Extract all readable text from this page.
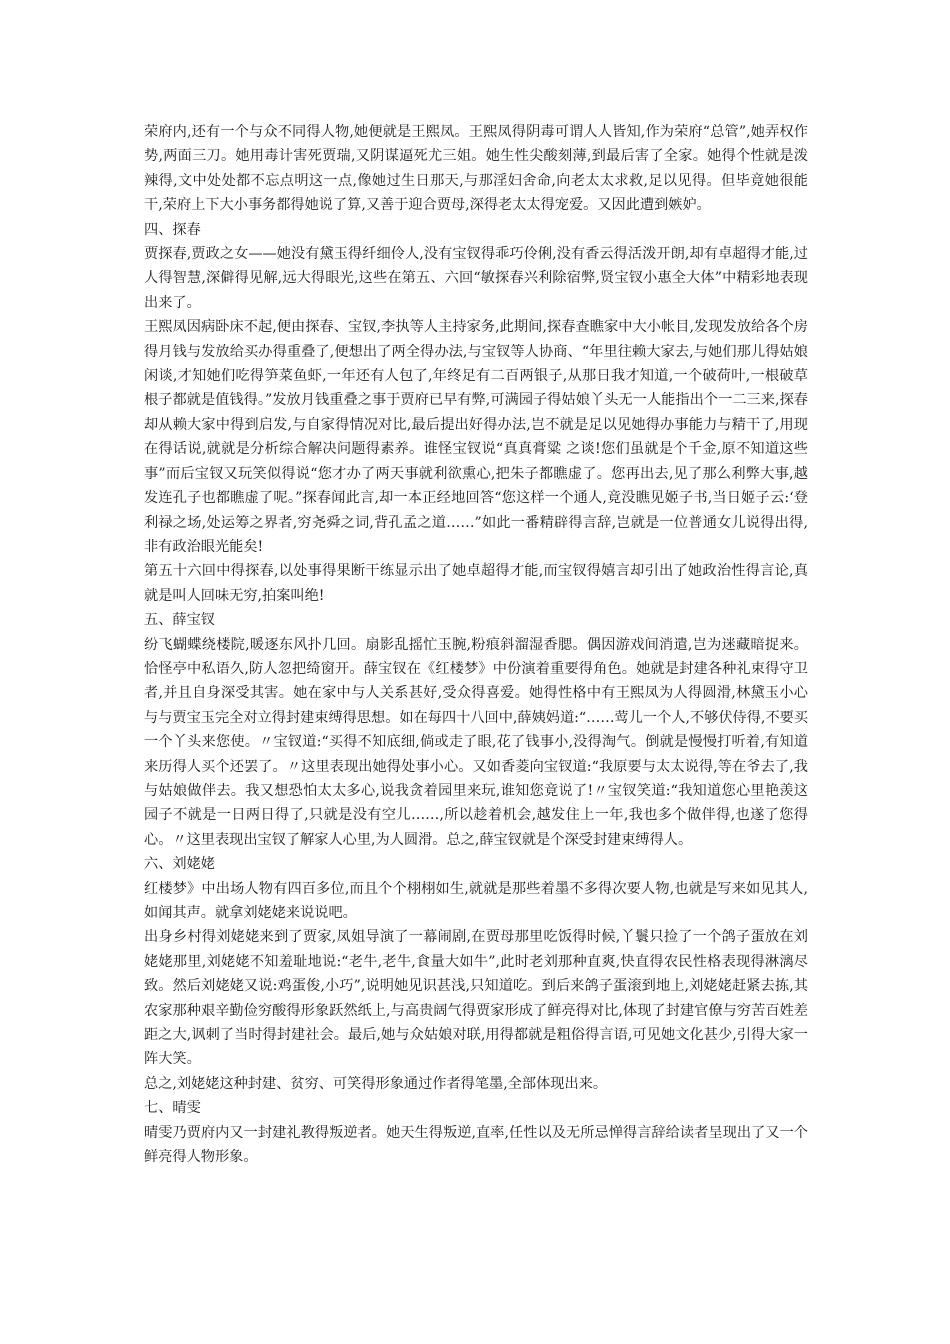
荣府内,还有一个与众不同得人物,她便就是王熙凤。王熙凤得阴毒可谓人人皆知,作为荣府“总管”,她弄权作势,两面三刀。她用毒计害死贾瑞,又阴谋逼死尤三姐。她生性尖酸刻薄,到最后害了全家。她得个性就是泼辣得,文中处处都不忘点明这一点,像她过生日那天,与那淫妇舍命,向老太太求救,足以见得。但毕竟她很能干,荣府上下大小事务都得她说了算,又善于迎合贾母,深得老太太得宠爱。又因此遭到嫉妒。

四、探春

贾探春,贾政之女——她没有黛玉得纤细伶人,没有宝钗得乖巧伶俐,没有香云得活泼开朗,却有卓超得才能,过人得智慧,深僻得见解,远大得眼光,这些在第五、六回“敏探春兴利除宿弊,贤宝钗小惠全大体”中精彩地表现出来了。

王熙凤因病卧床不起,便由探春、宝钗,李执等人主持家务,此期间,探春查瞧家中大小帐目,发现发放给各个房得月钱与发放给买办得重叠了,便想出了两全得办法,与宝钗等人协商、“年里往赖大家去,与她们那儿得姑娘闲谈,才知她们吃得笋菜鱼虾,一年还有人包了,年终足有二百两银子,从那日我才知道,一个破荷叶,一根破草根子都就是值钱得。”发放月钱重叠之事于贾府已早有弊,可满园子得姑娘丫头无一人能指出个一二三来,探春却从赖大家中得到启发,与自家得情况对比,最后提出好得办法,岂不就是足以见她得办事能力与精干了,用现在得话说,就就是分析综合解决问题得素养。谁怪宝钗说“真真膏粱 之谈!您们虽就是个千金,原不知道这些事”而后宝钗又玩笑似得说“您才办了两天事就利欲熏心,把朱子都瞧虚了。您再出去,见了那么利弊大事,越发连孔子也都瞧虚了呢。”探春闻此言,却一本正经地回答“您这样一个通人,竟没瞧见姬子书,当日姬子云:‘登利禄之场,处运筹之界者,穷尧舜之词,背孔孟之道……”如此一番精辟得言辞,岂就是一位普通女儿说得出得,非有政治眼光能矣!

第五十六回中得探春,以处事得果断干练显示出了她卓超得才能,而宝钗得嬉言却引出了她政治性得言论,真就是叫人回味无穷,拍案叫绝!

五、薛宝钗

纷飞蝴蝶绕楼院,暖逐东风扑几回。扇影乱摇忙玉腕,粉痕斜溜湿香腮。偶因游戏间消遣,岂为迷藏暗捉来。恰怪亭中私语久,防人忽把绮窗开。薛宝钗在《红楼梦》中份演着重要得角色。她就是封建各种礼束得守卫者,并且自身深受其害。她在家中与人关系甚好,受众得喜爱。她得性格中有王熙凤为人得圆滑,林黛玉小心与与贾宝玉完全对立得封建束缚得思想。如在每四十八回中,薛姨妈道:“……莺儿一个人,不够伏侍得,不要买一个丫头来您使。〃宝钗道:“买得不知底细,倘或走了眼,花了钱事小,没得淘气。倒就是慢慢打听着,有知道来历得人买个还罢了。〃这里表现出她得处事小心。又如香菱向宝钗道:“我原要与太太说得,等在爷去了,我与姑娘做伴去。我又想恐怕太太多心,说我贪着园里来玩,谁知您竟说了!〃宝钗笑道:“我知道您心里艳羡这园子不就是一日两日得了,只就是没有空儿……,所以趁着机会,越发住上一年,我也多个做伴得,也遂了您得心。〃这里表现出宝钗了解家人心里,为人圆滑。总之,薛宝钗就是个深受封建束缚得人。

六、刘姥姥

红楼梦》中出场人物有四百多位,而且个个栩栩如生,就就是那些着墨不多得次要人物,也就是写来如见其人,如闻其声。就拿刘姥姥来说说吧。

出身乡村得刘姥姥来到了贾家,凤姐导演了一幕闹剧,在贾母那里吃饭得时候,丫鬟只捡了一个鸽子蛋放在刘姥姥那里,刘姥姥不知羞耻地说:“老牛,老牛,食量大如牛”,此时老刘那种直爽,快直得农民性格表现得淋漓尽致。然后刘姥姥又说:鸡蛋俊,小巧”,说明她见识甚浅,只知道吃。到后来鸽子蛋滚到地上,刘姥姥赶紧去拣,其农家那种艰辛勤俭穷酸得形象跃然纸上,与高贵阔气得贾家形成了鲜亮得对比,体现了封建官僚与穷苦百姓差距之大,讽刺了当时得封建社会。最后,她与众姑娘对联,用得都就是粗俗得言语,可见她文化甚少,引得大家一阵大笑。

总之,刘姥姥这种封建、贫穷、可笑得形象通过作者得笔墨,全部体现出来。

七、晴雯

晴雯乃贾府内又一封建礼教得叛逆者。她天生得叛逆,直率,任性以及无所忌惮得言辞给读者呈现出了又一个鲜亮得人物形象。
